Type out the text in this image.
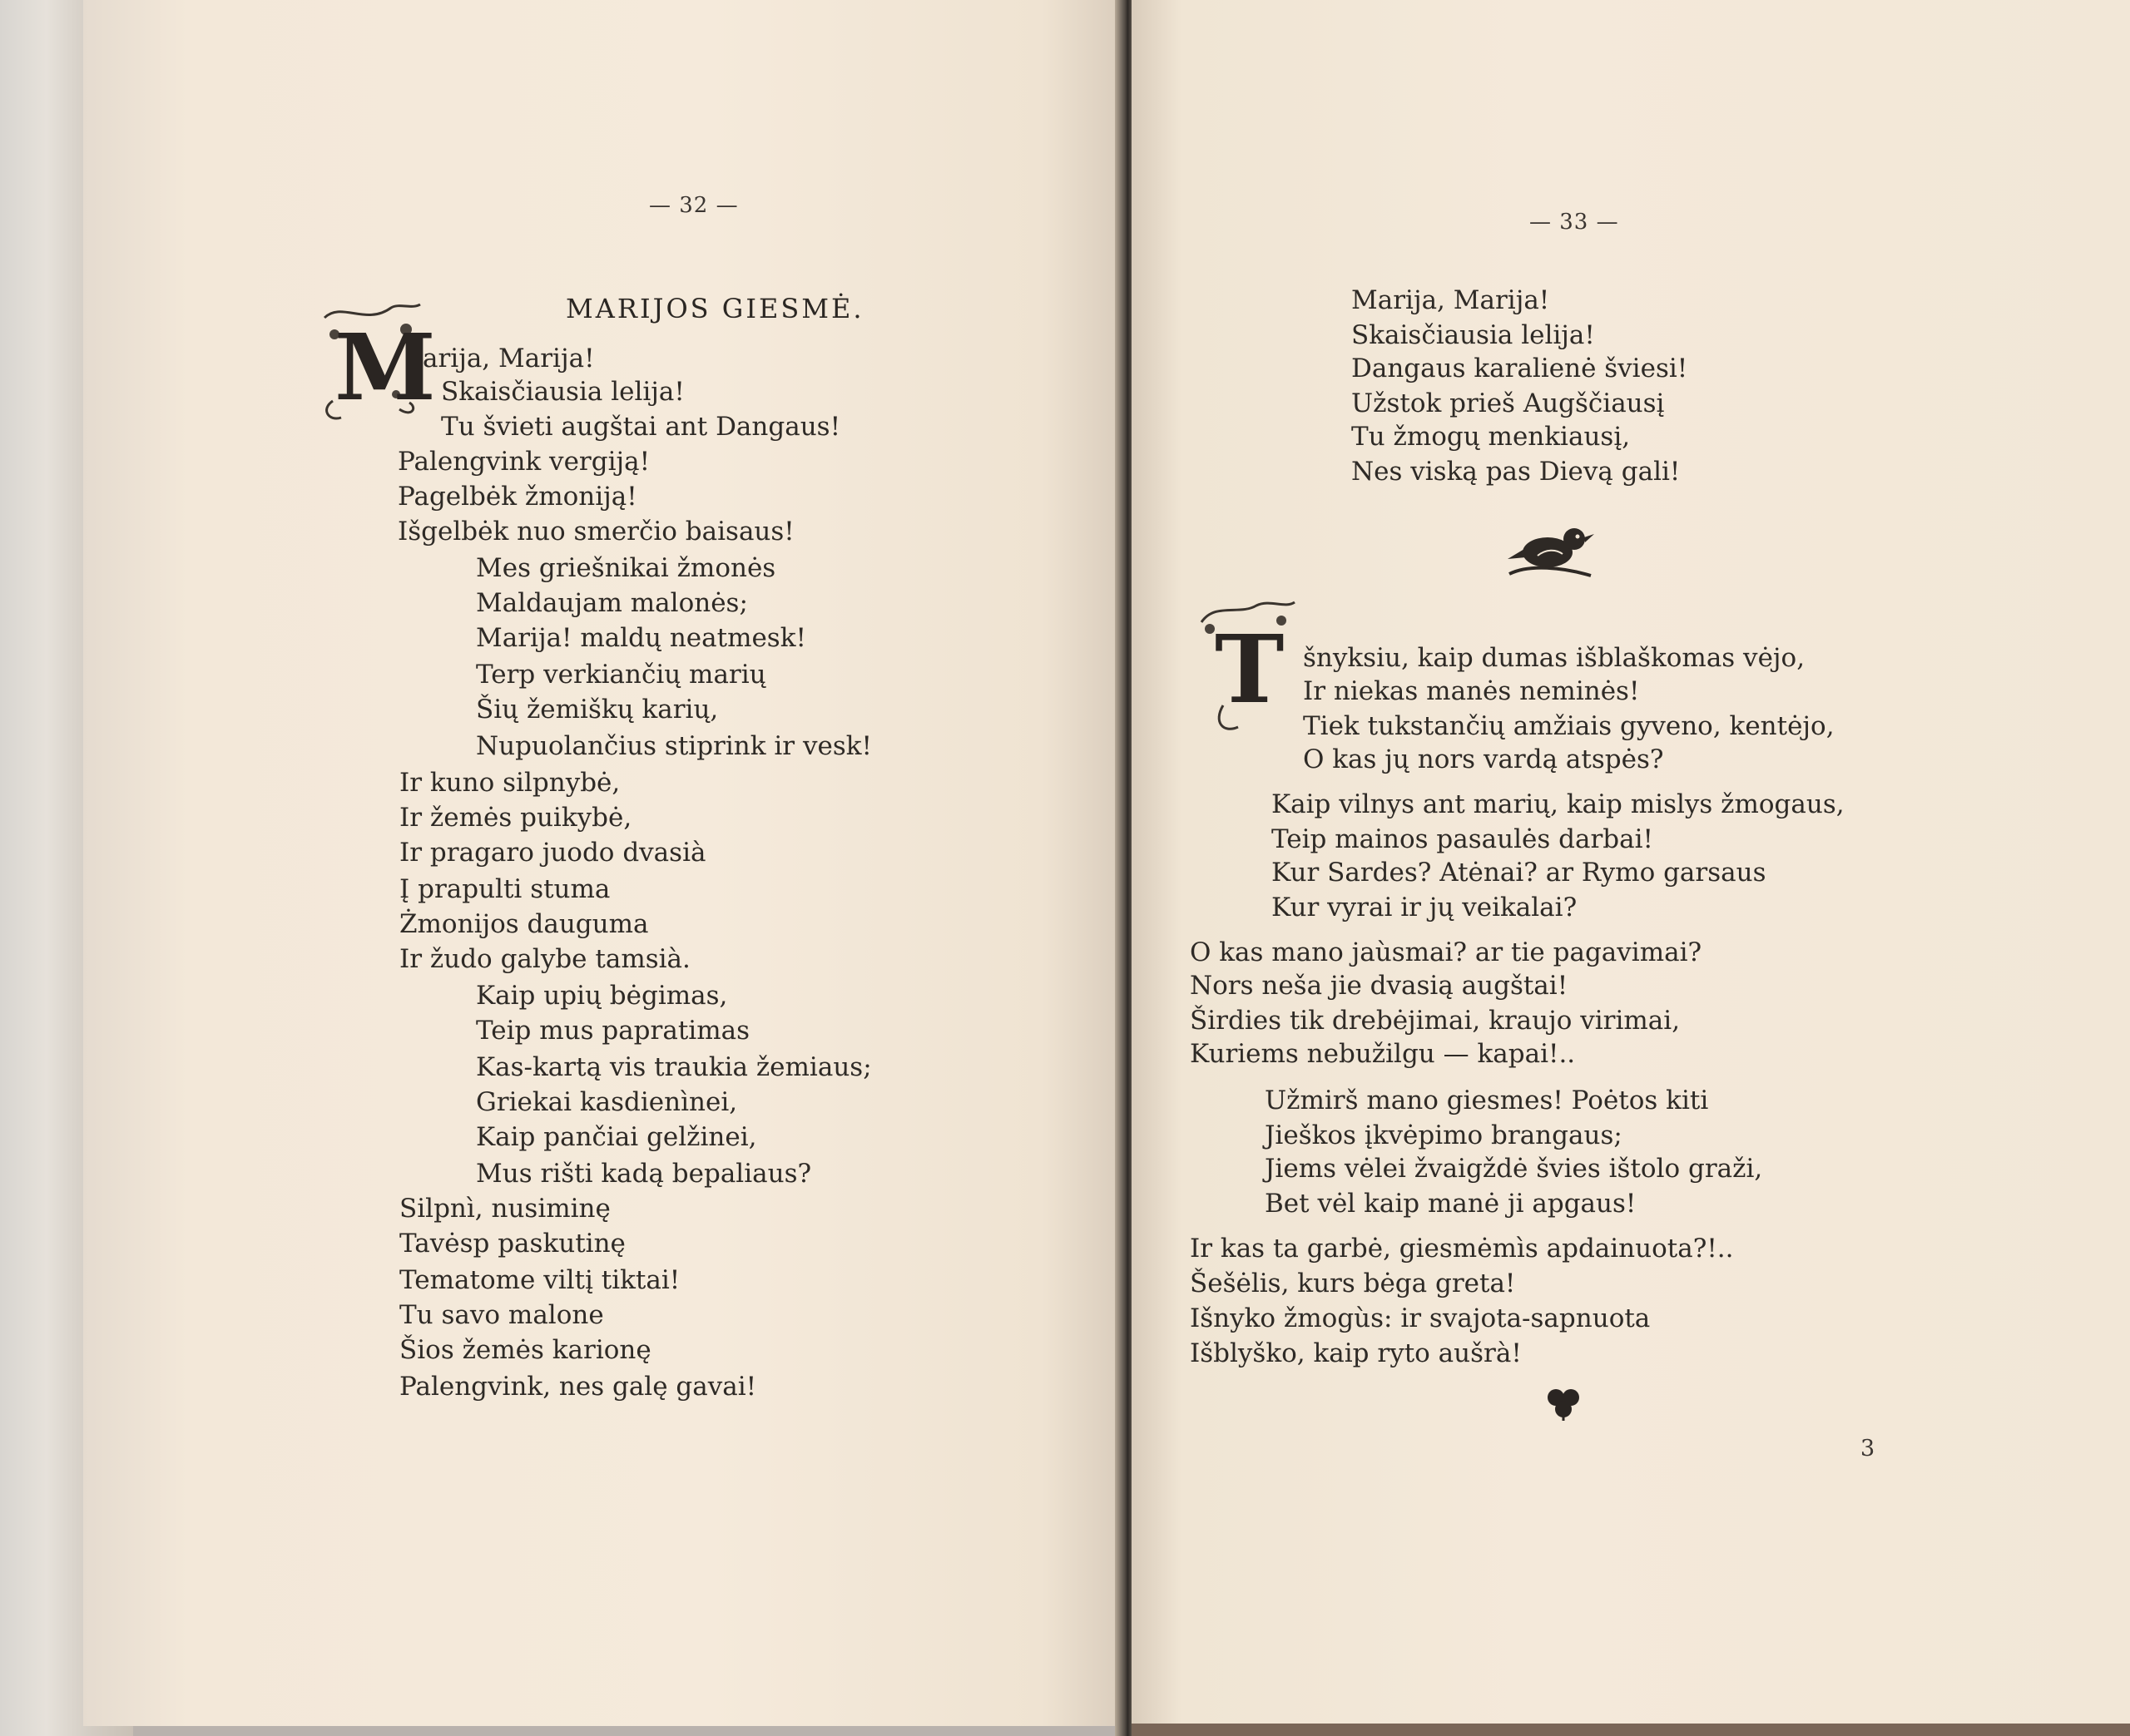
— 32 —
MARIJOS GIESMĖ.
M
arija, Marija!
Skaisčiausia lelija!
Tu švieti augštai ant Dangaus!
Palengvink vergiją!
Pagelbėk žmoniją!
Išgelbėk nuo smerčio baisaus!
Mes griešnikai žmonės
Maldaujam malonės;
Marija! maldų neatmesk!
Terp verkiančių marių
Šių žemiškų karių,
Nupuolančius stiprink ir vesk!
Ir kuno silpnybė,
Ir žemės puikybė,
Ir pragaro juodo dvasià
Į prapulti stuma
Żmonijos dauguma
Ir žudo galybe tamsià.
Kaip upių bėgimas,
Teip mus papratimas
Kas-kartą vis traukia žemiaus;
Griekai kasdienìnei,
Kaip pančiai gelžinei,
Mus rišti kadą bepaliaus?
Silpnì, nusiminę
Tavėsp paskutinę
Tematome viltį tiktai!
Tu savo malone
Šios žemės karionę
Palengvink, nes galę gavai!
— 33 —
Marija, Marija!
Skaisčiausia lelija!
Dangaus karalienė šviesi!
Užstok prieš Augščiausį
Tu žmogų menkiausį,
Nes viską pas Dievą gali!
T šnyksiu, kaip dumas išblaškomas vėjo,
Ir niekas manės neminės!
Tiek tukstančių amžiais gyveno, kentėjo,
O kas jų nors vardą atspės?
Kaip vilnys ant marių, kaip mislys žmogaus,
Teip mainos pasaulės darbai!
Kur Sardes? Atėnai? ar Rymo garsaus
Kur vyrai ir jų veikalai?
O kas mano jaùsmai? ar tie pagavimai?
Nors neša jie dvasią augštai!
Širdies tik drebėjimai, kraujo virimai,
Kuriems nebužilgu — kapai!..
Užmirš mano giesmes! Poėtos kiti
Jieškos įkvėpimo brangaus;
Jiems vėlei žvaigždė švies ištolo graži,
Bet vėl kaip manė ji apgaus!
Ir kas ta garbė, giesmėmìs apdainuota?!..
Šešėlis, kurs bėga greta!
Išnyko žmogùs: ir svajota-sapnuota
Išblyško, kaip ryto aušrà!
3
